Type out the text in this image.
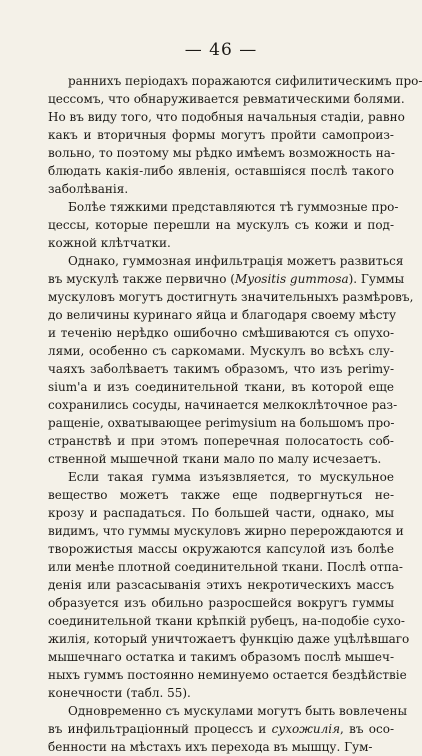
— 46 —
раннихъ періодахъ поражаются сифилитическимъ про-
цессомъ, что обнаруживается ревматическими болями.
Но въ виду того, что подобныя начальныя стадіи, равно
какъ и вторичныя формы могутъ пройти самопроиз-
вольно, то поэтому мы рѣдко имѣемъ возможность на-
блюдать какія-либо явленія, оставшіяся послѣ такого
заболѣванія.
Болѣе тяжкими представляются тѣ гуммозные про-
цессы, которые перешли на мускулъ съ кожи и под-
кожной клѣтчатки.
Однако, гуммозная инфильтрація можетъ развиться
въ мускулѣ также первично (Myositis gummosa). Гуммы
мускуловъ могутъ достигнуть значительныхъ размѣровъ,
до величины куринаго яйца и благодаря своему мѣсту
и теченію нерѣдко ошибочно смѣшиваются съ опухо-
лями, особенно съ саркомами. Мускулъ во всѣхъ слу-
чаяхъ заболѣваетъ такимъ образомъ, что изъ perimy-
sium'а и изъ соединительной ткани, въ которой еще
сохранились сосуды, начинается мелкоклѣточное раз-
ращеніе, охватывающее perimysium на большомъ про-
странствѣ и при этомъ поперечная полосатость соб-
ственной мышечной ткани мало по малу исчезаетъ.
Если такая гумма изъязвляется, то мускульное
вещество можетъ также еще подвергнуться не-
крозу и распадаться. По большей части, однако, мы
видимъ, что гуммы мускуловъ жирно перерождаются и
творожистыя массы окружаются капсулой изъ болѣе
или менѣе плотной соединительной ткани. Послѣ отпа-
денія или разсасыванія этихъ некротическихъ массъ
образуется изъ обильно разросшейся вокругъ гуммы
соединительной ткани крѣпкій рубецъ, на-подобіе сухо-
жилія, который уничтожаетъ функцію даже уцѣлѣвшаго
мышечнаго остатка и такимъ образомъ послѣ мышеч-
ныхъ гуммъ постоянно неминуемо остается бездѣйствіе
конечности (табл. 55).
Одновременно съ мускулами могутъ быть вовлечены
въ инфильтраціонный процессъ и сухожилія, въ осо-
бенности на мѣстахъ ихъ перехода въ мышцу. Гум-
